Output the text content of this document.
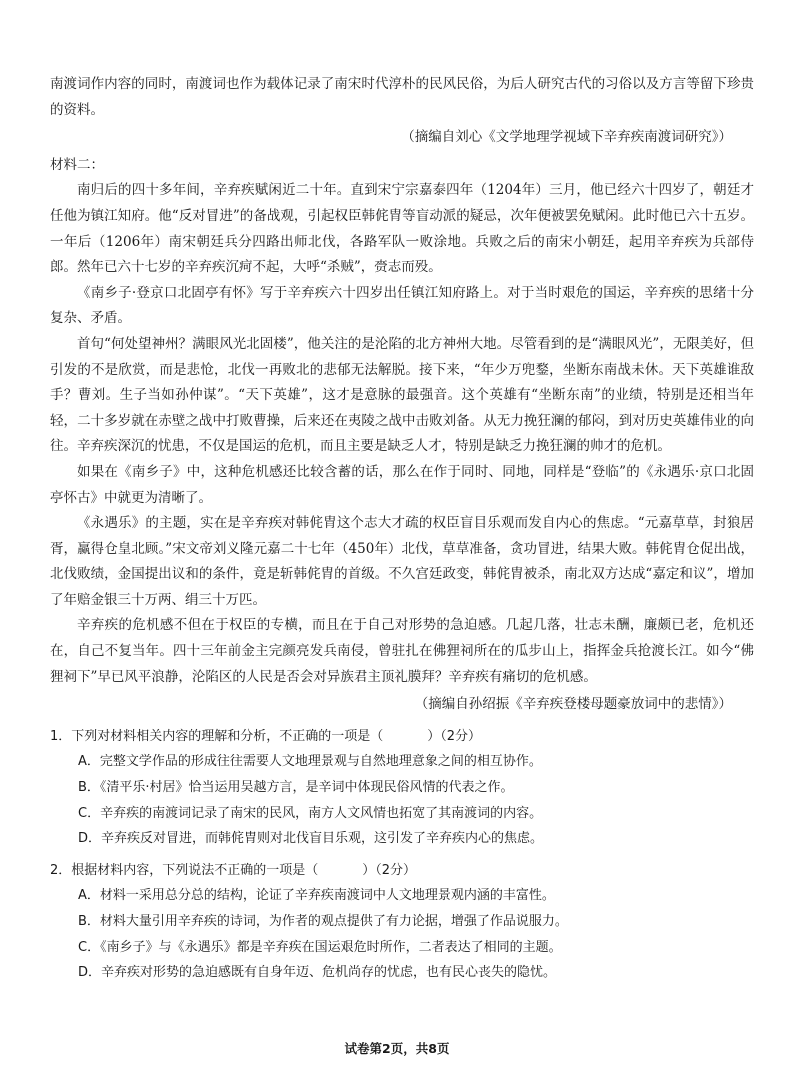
南渡词作内容的同时，南渡词也作为载体记录了南宋时代淳朴的民风民俗，为后人研究古代的习俗以及方言等留下珍贵的资料。

（摘编自刘心《文学地理学视域下辛弃疾南渡词研究》）

材料二：

南归后的四十多年间，辛弃疾赋闲近二十年。直到宋宁宗嘉泰四年（1204年）三月，他已经六十四岁了，朝廷才任他为镇江知府。他“反对冒进”的备战观，引起权臣韩侂胄等盲动派的疑忌，次年便被罢免赋闲。此时他已六十五岁。一年后（1206年）南宋朝廷兵分四路出师北伐，各路军队一败涂地。兵败之后的南宋小朝廷，起用辛弃疾为兵部侍郎。然年已六十七岁的辛弃疾沉疴不起，大呼“杀贼”，赍志而殁。

《南乡子·登京口北固亭有怀》写于辛弃疾六十四岁出任镇江知府路上。对于当时艰危的国运，辛弃疾的思绪十分复杂、矛盾。

首句“何处望神州？满眼风光北固楼”，他关注的是沦陷的北方神州大地。尽管看到的是“满眼风光”，无限美好，但引发的不是欣赏，而是悲怆，北伐一再败北的悲郁无法解脱。接下来，“年少万兜鍪，坐断东南战未休。天下英雄谁敌手？曹刘。生子当如孙仲谋”。“天下英雄”，这才是意脉的最强音。这个英雄有“坐断东南”的业绩，特别是还相当年轻，二十多岁就在赤壁之战中打败曹操，后来还在夷陵之战中击败刘备。从无力挽狂澜的郁闷，到对历史英雄伟业的向往。辛弃疾深沉的忧患，不仅是国运的危机，而且主要是缺乏人才，特别是缺乏力挽狂澜的帅才的危机。

如果在《南乡子》中，这种危机感还比较含蓄的话，那么在作于同时、同地，同样是“登临”的《永遇乐·京口北固亭怀古》中就更为清晰了。

《永遇乐》的主题，实在是辛弃疾对韩侂胄这个志大才疏的权臣盲目乐观而发自内心的焦虑。“元嘉草草，封狼居胥，赢得仓皇北顾。”宋文帝刘义隆元嘉二十七年（450年）北伐，草草准备，贪功冒进，结果大败。韩侂胄仓促出战，北伐败绩，金国提出议和的条件，竟是斩韩侂胄的首级。不久宫廷政变，韩侂胄被杀，南北双方达成“嘉定和议”，增加了年赔金银三十万两、绢三十万匹。

辛弃疾的危机感不但在于权臣的专横，而且在于自己对形势的急迫感。几起几落，壮志未酬，廉颇已老，危机还在，自己不复当年。四十三年前金主完颜亮发兵南侵，曾驻扎在佛狸祠所在的瓜步山上，指挥金兵抢渡长江。如今“佛狸祠下”早已风平浪静，沦陷区的人民是否会对异族君主顶礼膜拜？辛弃疾有痛切的危机感。

（摘编自孙绍振《辛弃疾登楼母题豪放词中的悲情》）

1．下列对材料相关内容的理解和分析，不正确的一项是（	）（2分）

A．完整文学作品的形成往往需要人文地理景观与自然地理意象之间的相互协作。

B．《清平乐·村居》恰当运用吴越方言，是辛词中体现民俗风情的代表之作。

C．辛弃疾的南渡词记录了南宋的民风，南方人文风情也拓宽了其南渡词的内容。

D．辛弃疾反对冒进，而韩侂胄则对北伐盲目乐观，这引发了辛弃疾内心的焦虑。

2．根据材料内容，下列说法不正确的一项是（	）（2分）

A．材料一采用总分总的结构，论证了辛弃疾南渡词中人文地理景观内涵的丰富性。

B．材料大量引用辛弃疾的诗词，为作者的观点提供了有力论据，增强了作品说服力。

C．《南乡子》与《永遇乐》都是辛弃疾在国运艰危时所作，二者表达了相同的主题。

D．辛弃疾对形势的急迫感既有自身年迈、危机尚存的忧虑，也有民心丧失的隐忧。

试卷第2页，共8页
